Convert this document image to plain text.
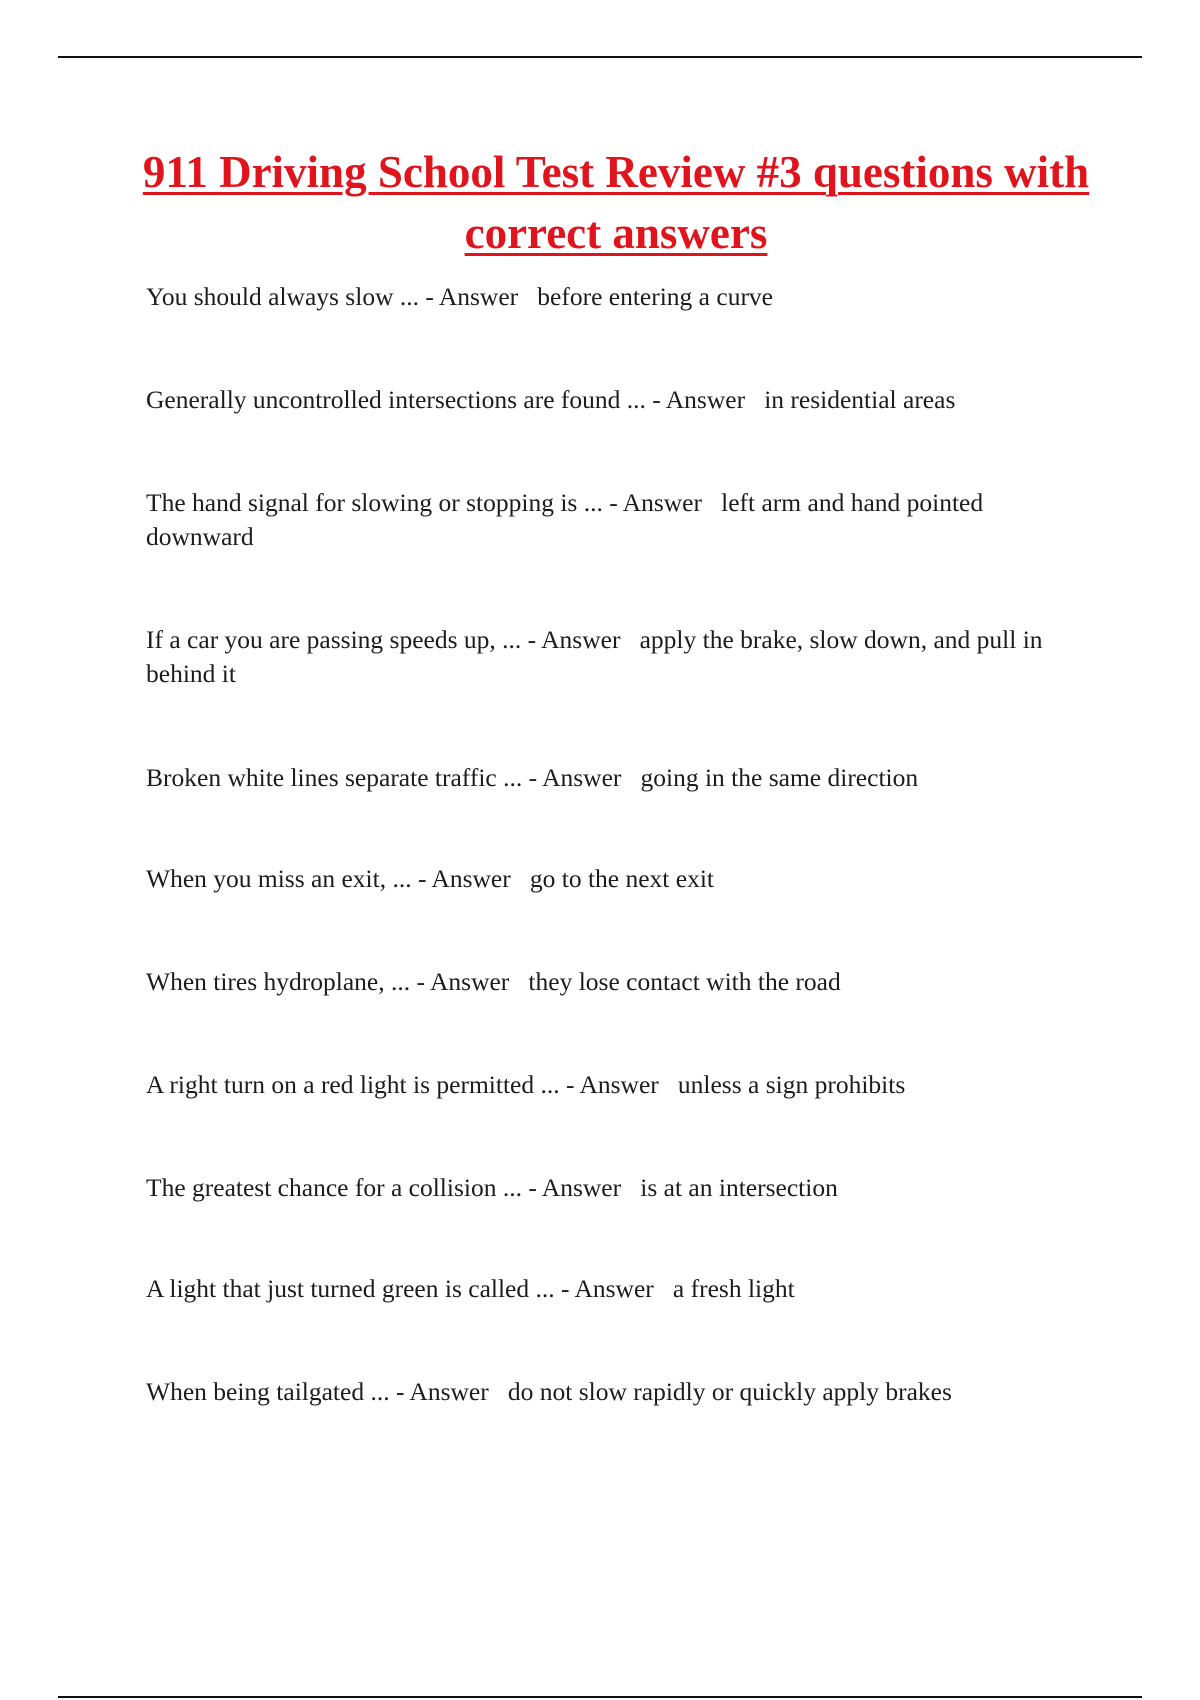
911 Driving School Test Review #3 questions with correct answers
You should always slow ... - Answer before entering a curve
Generally uncontrolled intersections are found ... - Answer in residential areas
The hand signal for slowing or stopping is ... - Answer left arm and hand pointed downward
If a car you are passing speeds up, ... - Answer apply the brake, slow down, and pull in behind it
Broken white lines separate traffic ... - Answer going in the same direction
When you miss an exit, ... - Answer go to the next exit
When tires hydroplane, ... - Answer they lose contact with the road
A right turn on a red light is permitted ... - Answer unless a sign prohibits
The greatest chance for a collision ... - Answer is at an intersection
A light that just turned green is called ... - Answer a fresh light
When being tailgated ... - Answer do not slow rapidly or quickly apply brakes
